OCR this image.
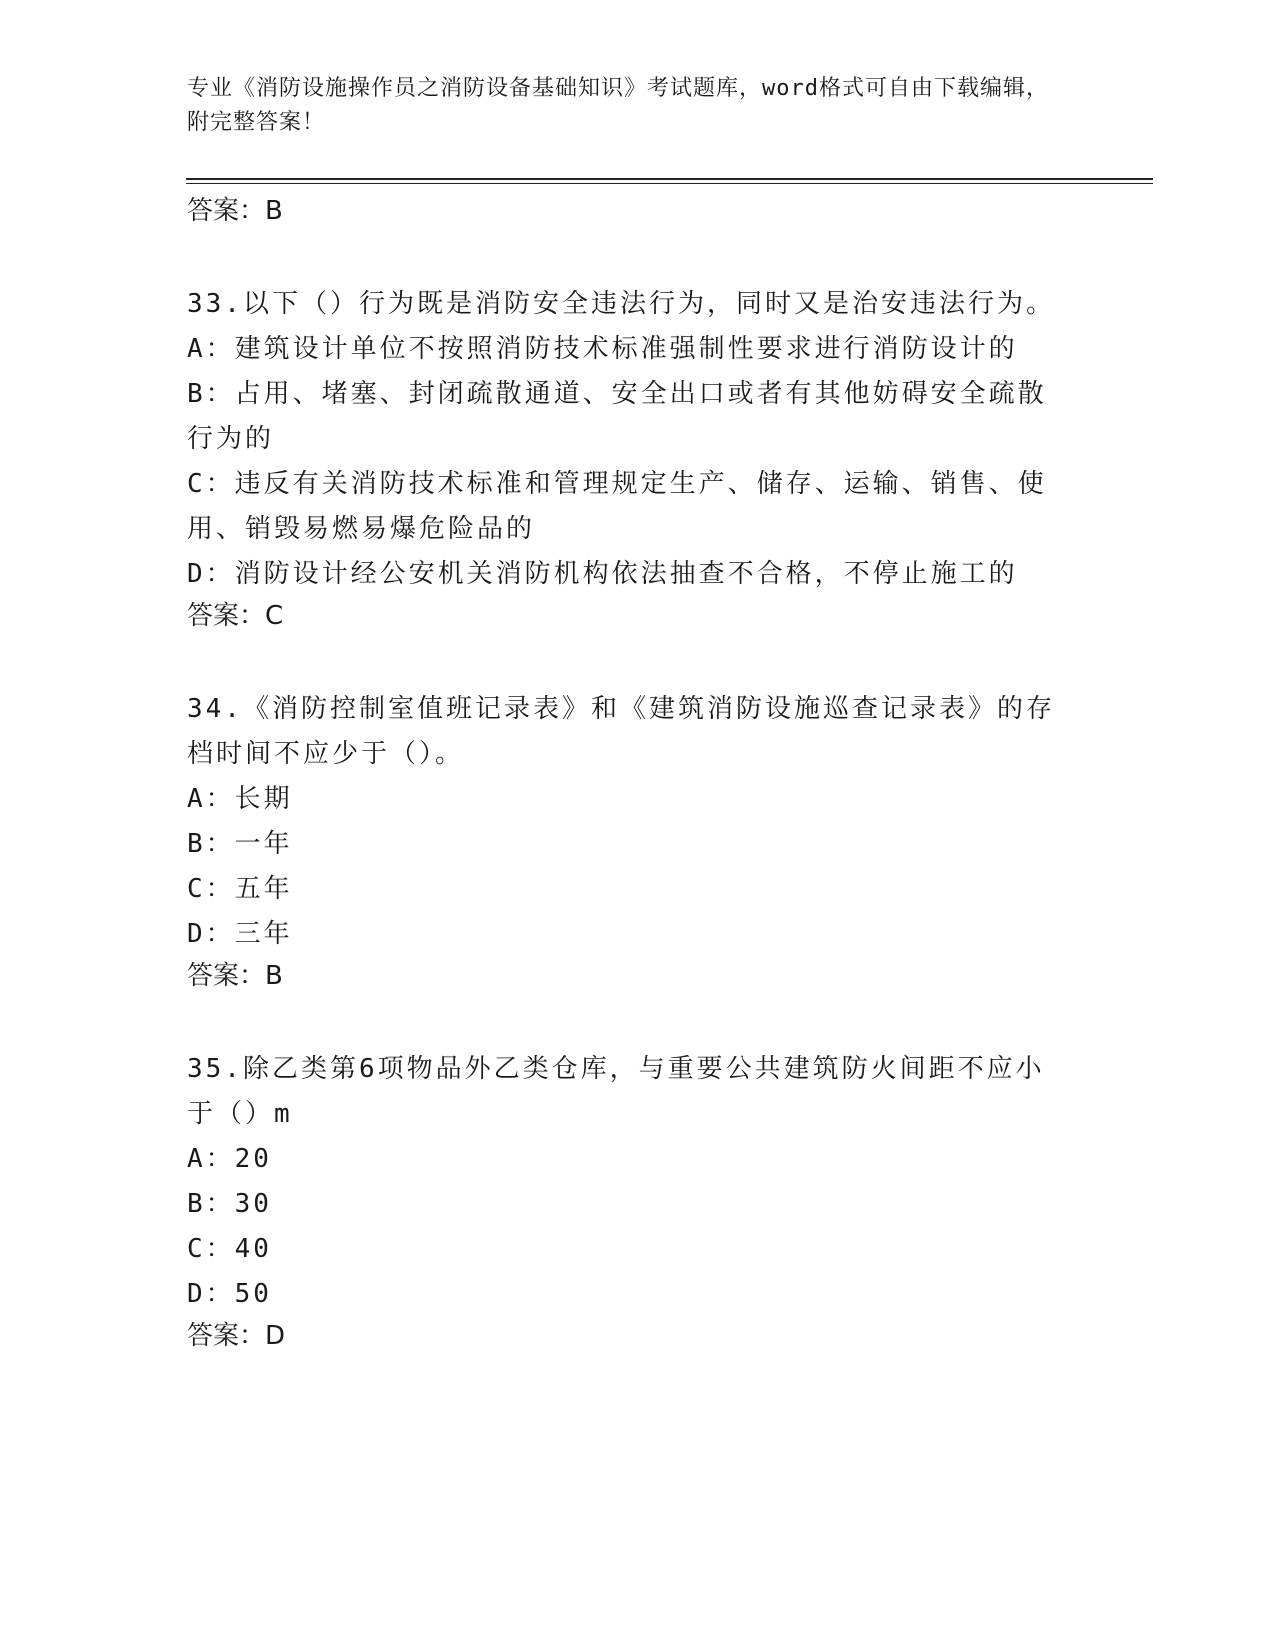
专业《消防设施操作员之消防设备基础知识》考试题库，word格式可自由下载编辑，附完整答案！

答案：B

33.以下（）行为既是消防安全违法行为，同时又是治安违法行为。

A：建筑设计单位不按照消防技术标准强制性要求进行消防设计的

B：占用、堵塞、封闭疏散通道、安全出口或者有其他妨碍安全疏散行为的

C：违反有关消防技术标准和管理规定生产、储存、运输、销售、使用、销毁易燃易爆危险品的

D：消防设计经公安机关消防机构依法抽查不合格，不停止施工的

答案：C

34.《消防控制室值班记录表》和《建筑消防设施巡查记录表》的存档时间不应少于（）。

A：长期

B：一年

C：五年

D：三年

答案：B

35.除乙类第6项物品外乙类仓库，与重要公共建筑防火间距不应小于（）m

A：20

B：30

C：40

D：50

答案：D
